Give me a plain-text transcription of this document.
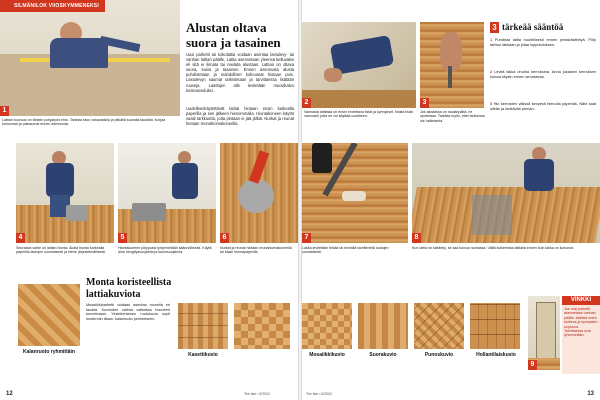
SILMÄNILOK VIIOSKYMMENEKSI
1
Lattian suoruus on tärkein pohjatyön ehto. Tarkista taso vatupassilla ja pitkällä suoralla laudalla. Korjaa kohoumat ja painaumat ennen asennusta.
Alustan oltava
suora ja tasainen
Uusi parketti tai kokolattia voidaan asentaa lastulevy- tai vanhan lattian päälle. Lattia asennetaan yleensä kelluvaksi eli sitä ei liimata tai naulata alustaan. Lattian on oltava suora, kuiva ja tasainen. Ennen asennusta alusta puhdistetaan ja mahdolliset kohoumat hiotaan pois. Lastulevyn saumat tarkistetaan ja tarvittaessa lisätään ruuveja. Laattojen alle levitetään muovikalvo kosteussuluksi.
Uudelleenkäytettävät lattiat hiotaan ensin karkealla paperilla ja sen jälkeen hienommalla. Hiontakoneen käyttö vaatii tarkkuutta, jotta pintaan ei jää jälkiä. Nurkat ja reunat hiotaan reunahiomakoneella.
4	5	6
Seuraava vaihe on lattian hionta. Aloita hionta karkealla paperilla lautojen suuntaisesti ja etene järjestelmällisesti.
Hiontakoneen pölypussi tyhjennetään säännöllisesti. Käytä aina hengityssuojainta ja kuulosuojaimia.
Nurkat ja reunat hiotaan reunahiomakoneella tai käsin hiomapaperilla.
Monta koristeellista
lattiakuviota
Mosaiikkiparketti voidaan asentaa monella eri tavalla. Kuvioiden valinta vaikuttaa huoneen tunnelmaan. Yksinkertainen ruutukuvio sopii moderniin tilaan, kalanruoto perinteiseen.
Kalanruoto ryhmittäin	Kasettikuvio
Tee Itse • 5/2002
12
2
Vanhasta lattiasta on ensin irrotettava listat ja kynnykset. Nosta listat varovasti, jotta ne voi käyttää uudelleen.
3
Jos alustassa on naulanpäitä, ne upotetaan. Tarkista myös, ettei lankuissa ole halkeamia.
3 tärkeää sääntöä
1 Puhdista lattia huolellisesti ennen pintakäsittelyä. Pöly tarttuu lakkaan ja pilaa lopputuloksen.
2 Levitä lakka ohuina kerroksina. Anna jokaisen kerroksen kuivua täysin ennen seuraavaa.
3 Hio kerrosten välissä kevyesti hienolla paperilla. Näin saat sileän ja kestävän pinnan.
7	8
Lakka levitetään telalla tai leveällä siveltimellä lautojen suuntaisesti.
Kun lattia on käsitelty, se saa kuivua rauhassa. Vältä kulkemista lattialla ennen kuin lakka on kuivunut.
Mosaiikkikuvio	Suorakuvio	Punoskuvio	Hollantilaiskuvio
9
VINKKI
Jos uusi parketti asennetaan vanhan päälle, tarkista ovien korkeus ja kynnysten sopivuus. Tarvittaessa ovia lyhennetään.
Tee Itse • 5/2002	13
